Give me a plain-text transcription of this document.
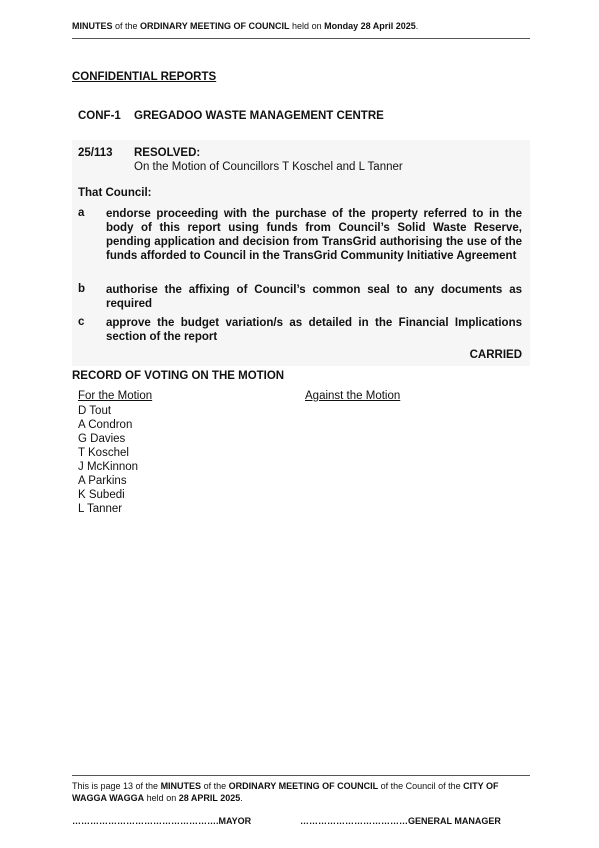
MINUTES of the ORDINARY MEETING OF COUNCIL held on Monday 28 April 2025.
CONFIDENTIAL REPORTS
CONF-1 GREGADOO WASTE MANAGEMENT CENTRE
25/113 RESOLVED:
On the Motion of Councillors T Koschel and L Tanner
That Council:
a endorse proceeding with the purchase of the property referred to in the body of this report using funds from Council’s Solid Waste Reserve, pending application and decision from TransGrid authorising the use of the funds afforded to Council in the TransGrid Community Initiative Agreement
b authorise the affixing of Council’s common seal to any documents as required
c approve the budget variation/s as detailed in the Financial Implications section of the report
CARRIED
RECORD OF VOTING ON THE MOTION
For the Motion	Against the Motion
D Tout
A Condron
G Davies
T Koschel
J McKinnon
A Parkins
K Subedi
L Tanner
This is page 13 of the MINUTES of the ORDINARY MEETING OF COUNCIL of the Council of the CITY OF WAGGA WAGGA held on 28 APRIL 2025.
………………………………………….MAYOR	………………………………GENERAL MANAGER
